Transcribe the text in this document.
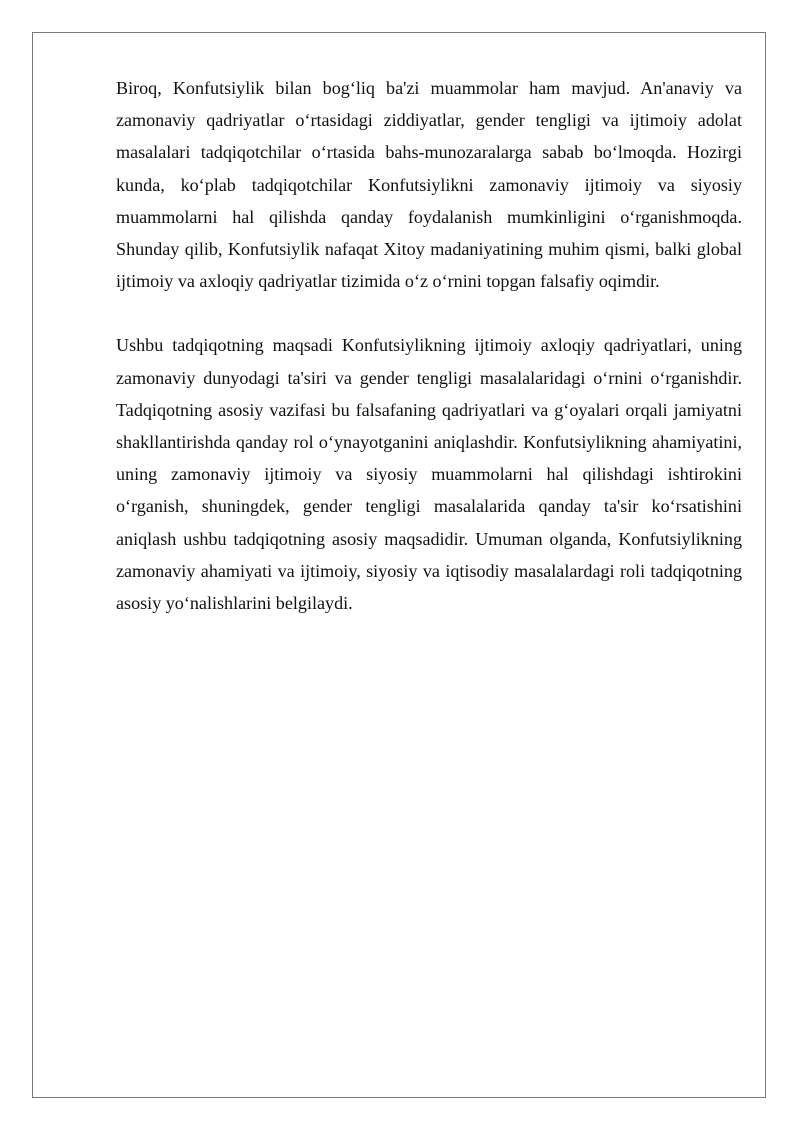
Biroq, Konfutsiylik bilan bog‘liq ba'zi muammolar ham mavjud. An'anaviy va zamonaviy qadriyatlar o‘rtasidagi ziddiyatlar, gender tengligi va ijtimoiy adolat masalalari tadqiqotchilar o‘rtasida bahs-munozaralarga sabab bo‘lmoqda. Hozirgi kunda, ko‘plab tadqiqotchilar Konfutsiylikni zamonaviy ijtimoiy va siyosiy muammolarni hal qilishda qanday foydalanish mumkinligini o‘rganishmoqda. Shunday qilib, Konfutsiylik nafaqat Xitoy madaniyatining muhim qismi, balki global ijtimoiy va axloqiy qadriyatlar tizimida o‘z o‘rnini topgan falsafiy oqimdir.

Ushbu tadqiqotning maqsadi Konfutsiylikning ijtimoiy axloqiy qadriyatlari, uning zamonaviy dunyodagi ta'siri va gender tengligi masalalaridagi o‘rnini o‘rganishdir. Tadqiqotning asosiy vazifasi bu falsafaning qadriyatlari va g‘oyalari orqali jamiyatni shakllantirishda qanday rol o‘ynayotganini aniqlashdir. Konfutsiylikning ahamiyatini, uning zamonaviy ijtimoiy va siyosiy muammolarni hal qilishdagi ishtirokini o‘rganish, shuningdek, gender tengligi masalalarida qanday ta'sir ko‘rsatishini aniqlash ushbu tadqiqotning asosiy maqsadidir. Umuman olganda, Konfutsiylikning zamonaviy ahamiyati va ijtimoiy, siyosiy va iqtisodiy masalalardagi roli tadqiqotning asosiy yo‘nalishlarini belgilaydi.
